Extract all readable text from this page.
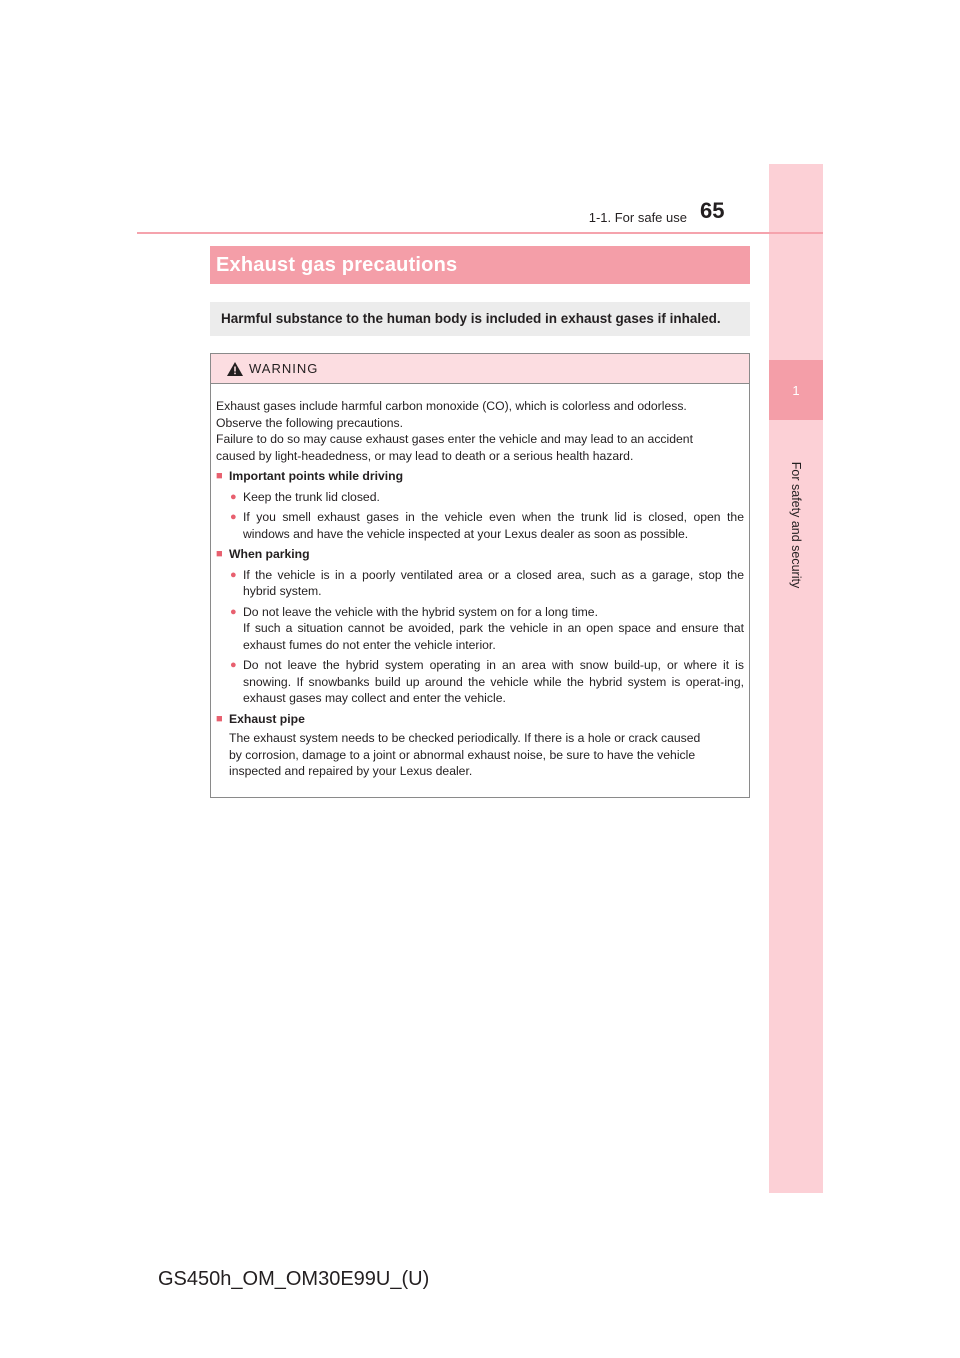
1
For safety and security
1-1. For safe use 65
Exhaust gas precautions
Harmful substance to the human body is included in exhaust gases if inhaled.
WARNING

Exhaust gases include harmful carbon monoxide (CO), which is colorless and odorless.

Observe the following precautions.

Failure to do so may cause exhaust gases enter the vehicle and may lead to an accident

caused by light-headedness, or may lead to death or a serious health hazard.

■ Important points while driving
● Keep the trunk lid closed.
● If you smell exhaust gases in the vehicle even when the trunk lid is closed, open the windows and have the vehicle inspected at your Lexus dealer as soon as possible.
■ When parking
● If the vehicle is in a poorly ventilated area or a closed area, such as a garage, stop the hybrid system.
● Do not leave the vehicle with the hybrid system on for a long time.
If such a situation cannot be avoided, park the vehicle in an open space and ensure that exhaust fumes do not enter the vehicle interior.
● Do not leave the hybrid system operating in an area with snow build-up, or where it is snowing. If snowbanks build up around the vehicle while the hybrid system is operat-ing, exhaust gases may collect and enter the vehicle.
■ Exhaust pipe

The exhaust system needs to be checked periodically. If there is a hole or crack caused

by corrosion, damage to a joint or abnormal exhaust noise, be sure to have the vehicle

inspected and repaired by your Lexus dealer.

GS450h_OM_OM30E99U_(U)
